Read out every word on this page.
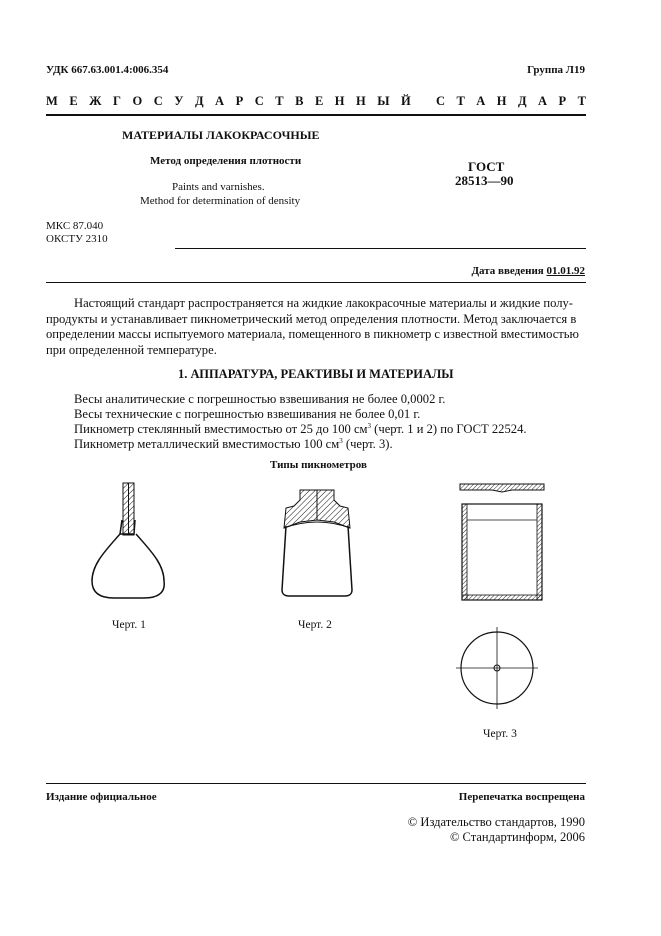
УДК 667.63.001.4:006.354	Группа Л19
М Е Ж Г О С У Д А Р С Т В Е Н Н Ы Й С Т А Н Д А Р Т
МАТЕРИАЛЫ ЛАКОКРАСОЧНЫЕ
Метод определения плотности
Paints and varnishes.
Method for determination of density
ГОСТ
28513—90
МКС 87.040
ОКСТУ 2310
Дата введения 01.01.92
Настоящий стандарт распространяется на жидкие лакокрасочные материалы и жидкие полу-
продукты и устанавливает пикнометрический метод определения плотности. Метод заключается в
определении массы испытуемого материала, помещенного в пикнометр с известной вместимостью
при определенной температуре.
1. АППАРАТУРА, РЕАКТИВЫ И МАТЕРИАЛЫ
Весы аналитические с погрешностью взвешивания не более 0,0002 г.
Весы технические с погрешностью взвешивания не более 0,01 г.
Пикнометр стеклянный вместимостью от 25 до 100 $см^3$ (черт. 1 и 2) по ГОСТ 22524.
Пикнометр металлический вместимостью 100 $см^3$ (черт. 3).
Типы пикнометров
Черт. 1	Черт. 2
Черт. 3
Издание официальное	Перепечатка воспрещена
© Издательство стандартов, 1990
© Стандартинформ, 2006
